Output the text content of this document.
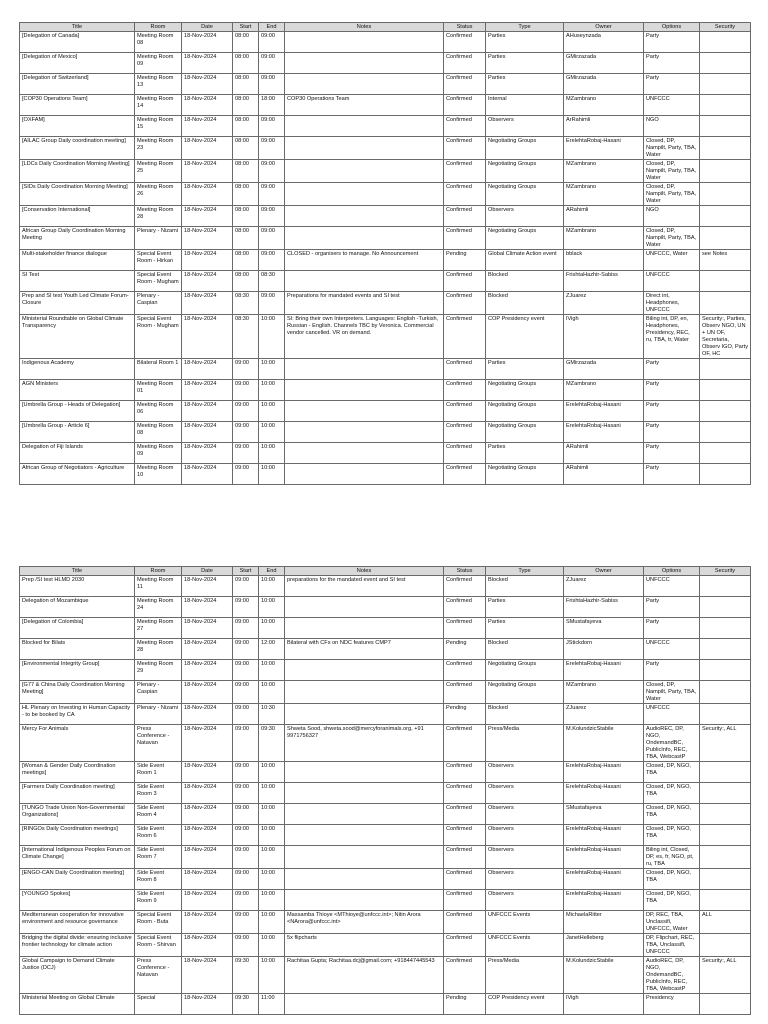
Title	Room	Date	Start	End	Notes	Status	Type	Owner	Options	Security
[Delegation of Canada]	Meeting Room 08	18-Nov-2024	08:00	09:00		Confirmed	Parties	AHuseynzada	Party	
[Delegation of Mexico]	Meeting Room 09	18-Nov-2024	08:00	09:00		Confirmed	Parties	GMirzazada	Party	
[Delegation of Switzerland]	Meeting Room 13	18-Nov-2024	08:00	09:00		Confirmed	Parties	GMirzazada	Party	
[COP30 Operations Team]	Meeting Room 14	18-Nov-2024	08:00	18:00	COP30 Operations Team	Confirmed	Internal	MZambrano	UNFCCC	
[OXFAM]	Meeting Room 15	18-Nov-2024	08:00	09:00		Confirmed	Observers	ArRahimli	NGO	
[AILAC Group Daily coordination meeting]	Meeting Room 23	18-Nov-2024	08:00	09:00		Confirmed	Negotiating Groups	ErelehtaRobaj-Hasani	Closed, DP, Nampilt, Party, TBA, Water	
[LDCs Daily Coordination Morning Meeting]	Meeting Room 25	18-Nov-2024	08:00	09:00		Confirmed	Negotiating Groups	MZambrano	Closed, DP, Nampilt, Party, TBA, Water	
[SIDs Daily Coordination Morning Meeting]	Meeting Room 26	18-Nov-2024	08:00	09:00		Confirmed	Negotiating Groups	MZambrano	Closed, DP, Nampilt, Party, TBA, Water	
[Conservation International]	Meeting Room 28	18-Nov-2024	08:00	09:00		Confirmed	Observers	ARahimli	NGO	
African Group Daily Coordination Morning Meeting	Plenary - Nizami	18-Nov-2024	08:00	09:00		Confirmed	Negotiating Groups	MZambrano	Closed, DP, Nampilt, Party, TBA, Water	
Multi-stakeholder finance dialogue	Special Event Room - Hirkan	18-Nov-2024	08:00	09:00	CLOSED - organisers to manage. No Announcement	Pending	Global Climate Action event	bblack	UNFCCC, Water	see Notes
SI Test	Special Event Room - Mugham	18-Nov-2024	08:00	08:30		Confirmed	Blocked	FrishtaHazhir-Sabiss	UNFCCC	
Prep and SI test Youth Led Climate Forum-Closure	Plenary - Caspian	18-Nov-2024	08:30	09:00	Preparations for mandated events and SI test	Confirmed	Blocked	ZJuarez	Direct int, Headphones, UNFCCC	
Ministerial Roundtable on Global Climate Transparency	Special Event Room - Mugham	18-Nov-2024	08:30	10:00	SI: Bring their own Interpreters. Languages: English -Turkish, Russian - English. Channels TBC by Veronica. Commercial vendor cancelled. VR on demand.	Confirmed	COP Presidency event	IVigh	Biling int, DP, en, Headphones, Presidency, REC, ru, TBA, tr, Water	Security:, Parties, Observ NGO, UN + UN OF, Secretaria, Observ IGO, Party OF, HC
Indigenous Academy	Bilateral Room 1	18-Nov-2024	09:00	10:00		Confirmed	Parties	GMirzazada	Party	
AGN Ministers	Meeting Room 01	18-Nov-2024	09:00	10:00		Confirmed	Negotiating Groups	MZambrano	Party	
[Umbrella Group - Heads of Delegation]	Meeting Room 06	18-Nov-2024	09:00	10:00		Confirmed	Negotiating Groups	ErelehtaRobaj-Hasani	Party	
[Umbrella Group - Article 6]	Meeting Room 08	18-Nov-2024	09:00	10:00		Confirmed	Negotiating Groups	ErelehtaRobaj-Hasani	Party	
Delegation of Fiji Islands	Meeting Room 09	18-Nov-2024	09:00	10:00		Confirmed	Parties	ARahimli	Party	
African Group of Negotiators - Agriculture	Meeting Room 10	18-Nov-2024	09:00	10:00		Confirmed	Negotiating Groups	ARahimli	Party	
Title	Room	Date	Start	End	Notes	Status	Type	Owner	Options	Security
Prep /SI test HLMD 2030	Meeting Room 11	18-Nov-2024	09:00	10:00	preparations for the mandated event and SI test	Confirmed	Blocked	ZJuarez	UNFCCC	
Delegation of Mozambique	Meeting Room 24	18-Nov-2024	09:00	10:00		Confirmed	Parties	FrishtaHazhir-Sabiss	Party	
[Delegation of Colombia]	Meeting Room 27	18-Nov-2024	09:00	10:00		Confirmed	Parties	SMustafayeva	Party	
Blocked for Bilats	Meeting Room 28	18-Nov-2024	09:00	12:00	Bilateral with CFs on NDC features CMP7	Pending	Blocked	JStickdorn	UNFCCC	
[Environmental Integrity Group]	Meeting Room 29	18-Nov-2024	09:00	10:00		Confirmed	Negotiating Groups	ErelehtaRobaj-Hasani	Party	
[G77 & China Daily Coordination Morning Meeting]	Plenary - Caspian	18-Nov-2024	09:00	10:00		Confirmed	Negotiating Groups	MZambrano	Closed, DP, Nampilt, Party, TBA, Water	
HL Plenary on Investing in Human Capacity - to be booked by CA	Plenary - Nizami	18-Nov-2024	09:00	10:30		Pending	Blocked	ZJuarez	UNFCCC	
Mercy For Animals	Press Conference - Natavan	18-Nov-2024	09:00	09:30	Shweta Sood, shweta.sood@mercyforanimals.org, +91 9971756327	Confirmed	Press/Media	M.KolundzicStabile	AudioREC, DP, NGO, OndemandBC, PublicInfo, REC, TBA, WebcastP	Security:, ALL
[Woman & Gender Daily Coordination meetings]	Side Event Room 1	18-Nov-2024	09:00	10:00		Confirmed	Observers	ErelehtaRobaj-Hasani	Closed, DP, NGO, TBA	
[Farmers Daily Coordination meeting]	Side Event Room 3	18-Nov-2024	09:00	10:00		Confirmed	Observers	ErelehtaRobaj-Hasani	Closed, DP, NGO, TBA	
[TUNGO Trade Union Non-Governmental Organizations]	Side Event Room 4	18-Nov-2024	09:00	10:00		Confirmed	Observers	SMustafayeva	Closed, DP, NGO, TBA	
[RINGOs Daily Coordination meetings]	Side Event Room 6	18-Nov-2024	09:00	10:00		Confirmed	Observers	ErelehtaRobaj-Hasani	Closed, DP, NGO, TBA	
[International Indigenous Peoples Forum on Climate Change]	Side Event Room 7	18-Nov-2024	09:00	10:00		Confirmed	Observers	ErelehtaRobaj-Hasani	Biling int, Closed, DP, es, fr, NGO, pt, ru, TBA	
[ENGO-CAN Daily Coordination meeting]	Side Event Room 8	18-Nov-2024	09:00	10:00		Confirmed	Observers	ErelehtaRobaj-Hasani	Closed, DP, NGO, TBA	
[YOUNGO Spokes]	Side Event Room 9	18-Nov-2024	09:00	10:00		Confirmed	Observers	ErelehtaRobaj-Hasani	Closed, DP, NGO, TBA	
Mediterranean cooperation for innovative environment and resource governance	Special Event Room - Buta	18-Nov-2024	09:00	10:00	Massamba Thioye <MThioye@unfccc.int>; Nitin Arora <NArora@unfccc.int>	Confirmed	UNFCCC Events	MichaelaRitter	DP, REC, TBA, Unclassifi, UNFCCC, Water	ALL
Bridging the digital divide: ensuring inclusive frontier technology for climate action	Special Event Room - Shirvan	18-Nov-2024	09:00	10:00	5x flipcharts	Confirmed	UNFCCC Events	JanetHelleberg	DP, Flipchart, REC, TBA, Unclassifi, UNFCCC	
Global Campaign to Demand Climate Justice (DCJ)	Press Conference - Natavan	18-Nov-2024	09:30	10:00	Rachitaa Gupta; Rachitaa.dcj@gmail.com; +918447445543	Confirmed	Press/Media	M.KolundzicStabile	AudioREC, DP, NGO, OndemandBC, PublicInfo, REC, TBA, WebcastP	Security:, ALL
Ministerial Meeting on Global Climate	Special	18-Nov-2024	09:30	11:00		Pending	COP Presidency event	IVigh	Presidency	
